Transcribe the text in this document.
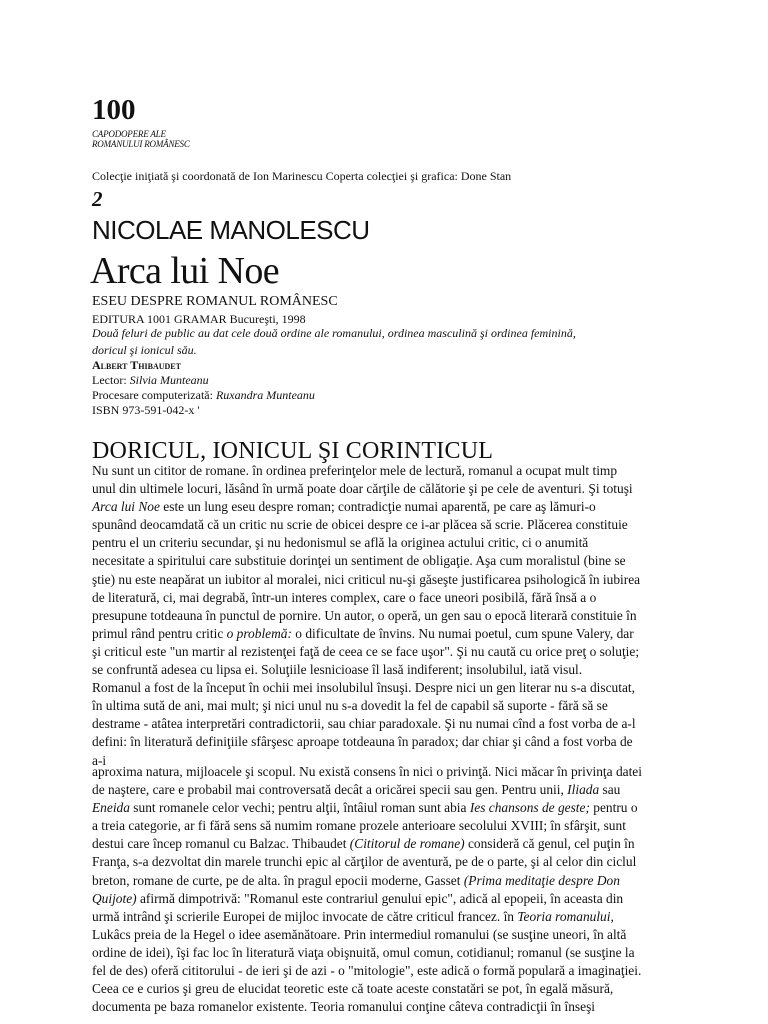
100

CAPODOPERE ALE

ROMANULUI ROMÂNESC

Colecţie iniţiată şi coordonată de Ion Marinescu Coperta colecţiei şi grafica: Done Stan

2

NICOLAE MANOLESCU

Arca lui Noe

ESEU DESPRE ROMANUL ROMÂNESC

EDITURA 1001 GRAMAR Bucureşti, 1998

Două feluri de public au dat cele două ordine ale romanului, ordinea masculină şi ordinea feminină,

doricul şi ionicul său.

Albert Thibaudet

Lector: Silvia Munteanu

Procesare computerizată: Ruxandra Munteanu

ISBN 973-591-042-x '

DORICUL, IONICUL ŞI CORINTICUL
Nu sunt un cititor de romane. în ordinea preferinţelor mele de lectură, romanul a ocupat mult timp
unul din ultimele locuri, lăsând în urmă poate doar cărţile de călătorie şi pe cele de aventuri. Şi totuşi
Arca lui Noe este un lung eseu despre roman; contradicţie numai aparentă, pe care aş lămuri-o
spunând deocamdată că un critic nu scrie de obicei despre ce i-ar plăcea să scrie. Plăcerea constituie
pentru el un criteriu secundar, şi nu hedonismul se află la originea actului critic, ci o anumită
necesitate a spiritului care substituie dorinţei un sentiment de obligaţie. Aşa cum moralistul (bine se
ştie) nu este neapărat un iubitor al moralei, nici criticul nu-şi găseşte justificarea psihologică în iubirea
de literatură, ci, mai degrabă, într-un interes complex, care o face uneori posibilă, fără însă a o
presupune totdeauna în punctul de pornire. Un autor, o operă, un gen sau o epocă literară constituie în
primul rând pentru critic o problemă: o dificultate de învins. Nu numai poetul, cum spune Valery, dar
şi criticul este "un martir al rezistenţei faţă de ceea ce se face uşor". Şi nu caută cu orice preţ o soluţie;
se confruntă adesea cu lipsa ei. Soluţiile lesnicioase îl lasă indiferent; insolubilul, iată visul.
Romanul a fost de la început în ochii mei insolubilul însuşi. Despre nici un gen literar nu s-a discutat,
în ultima sută de ani, mai mult; şi nici unul nu s-a dovedit la fel de capabil să suporte - fără să se
destrame - atâtea interpretări contradictorii, sau chiar paradoxale. Şi nu numai cînd a fost vorba de a-l
defini: în literatură definiţiile sfârşesc aproape totdeauna în paradox; dar chiar şi când a fost vorba de
a-i
aproxima natura, mijloacele şi scopul. Nu există consens în nici o privinţă. Nici măcar în privinţa datei
de naştere, care e probabil mai controversată decât a oricărei specii sau gen. Pentru unii, Iliada sau
Eneida sunt romanele celor vechi; pentru alţii, întâiul roman sunt abia Ies chansons de geste; pentru o
a treia categorie, ar fi fără sens să numim romane prozele anterioare secolului XVIII; în sfârşit, sunt
destui care încep romanul cu Balzac. Thibaudet (Cititorul de romane) consideră că genul, cel puţin în
Franţa, s-a dezvoltat din marele trunchi epic al cărţilor de aventură, pe de o parte, şi al celor din ciclul
breton, romane de curte, pe de alta. în pragul epocii moderne, Gasset (Prima meditaţie despre Don
Quijote) afirmă dimpotrivă: "Romanul este contrariul genului epic", adică al epopeii, în aceasta din
urmă intrând şi scrierile Europei de mijloc invocate de către criticul francez. în Teoria romanului,
Lukâcs preia de la Hegel o idee asemănătoare. Prin intermediul romanului (se susţine uneori, în altă
ordine de idei), îşi fac loc în literatură viaţa obişnuită, omul comun, cotidianul; romanul (se susţine la
fel de des) oferă cititorului - de ieri şi de azi - o "mitologie", este adică o formă populară a imaginaţiei.
Ceea ce e curios şi greu de elucidat teoretic este că toate aceste constatări se pot, în egală măsură,
documenta pe baza romanelor existente. Teoria romanului conţine câteva contradicţii în înseşi
